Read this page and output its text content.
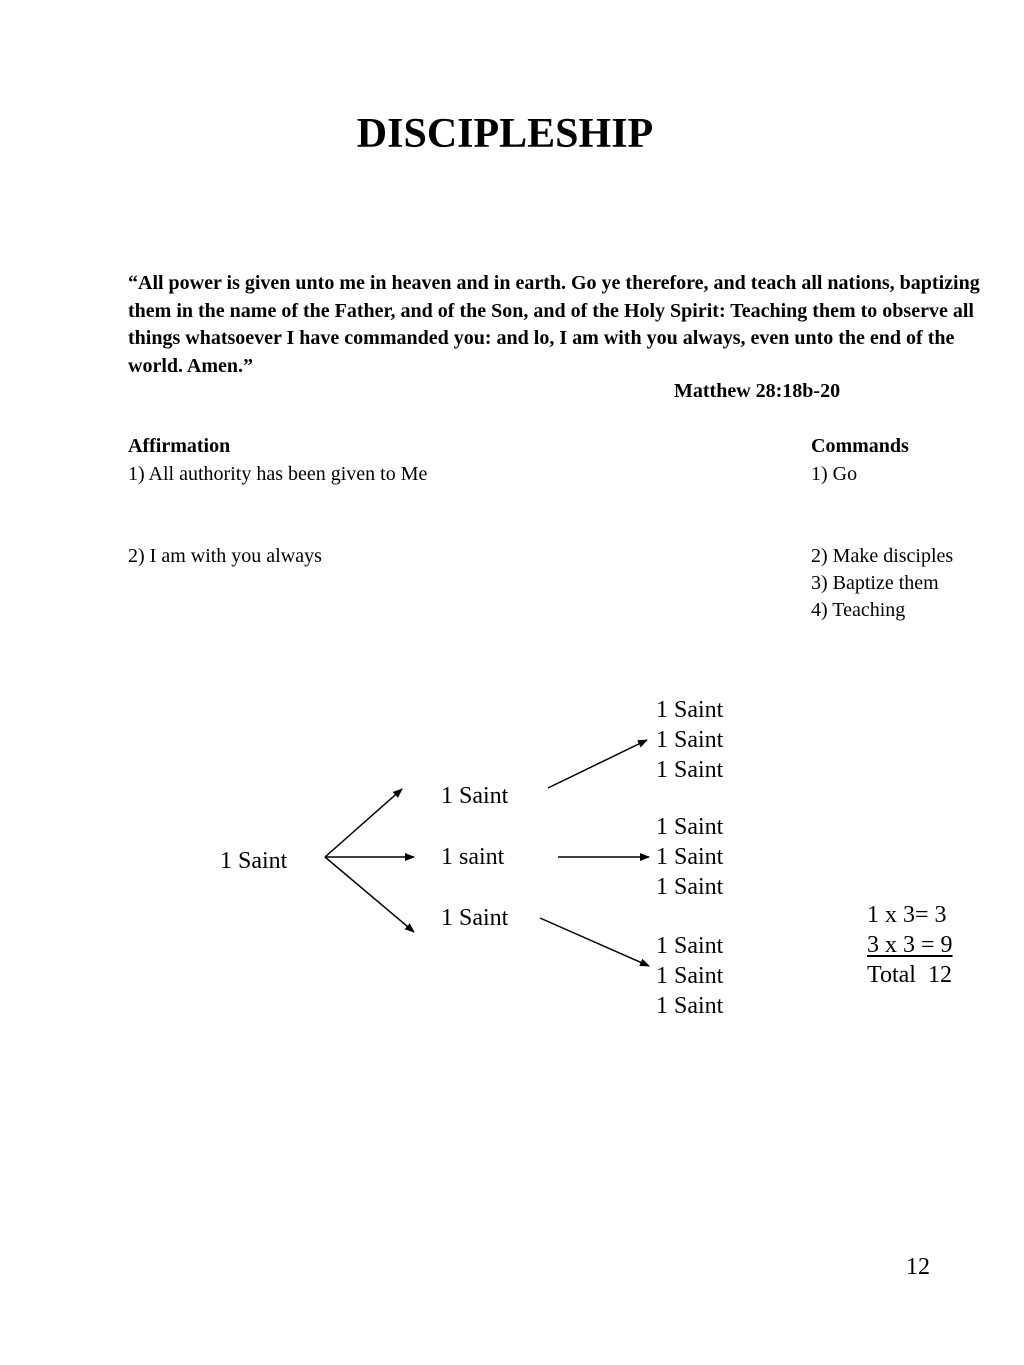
DISCIPLESHIP
“All power is given unto me in heaven and in earth. Go ye therefore, and teach all nations, baptizing them in the name of the Father, and of the Son, and of the Holy Spirit: Teaching them to observe all things whatsoever I have commanded you: and lo, I am with you always, even unto the end of the world. Amen.”
Matthew 28:18b-20
Affirmation
1) All authority has been given to Me
2) I am with you always
Commands
1) Go
2) Make disciples
3) Baptize them
4) Teaching
1 Saint
1 Saint
1 saint
1 Saint
1 Saint
1 Saint
1 Saint
1 Saint
1 Saint
1 Saint
1 Saint
1 Saint
1 Saint
1 x 3= 3
3 x 3 = 9
Total  12
12
